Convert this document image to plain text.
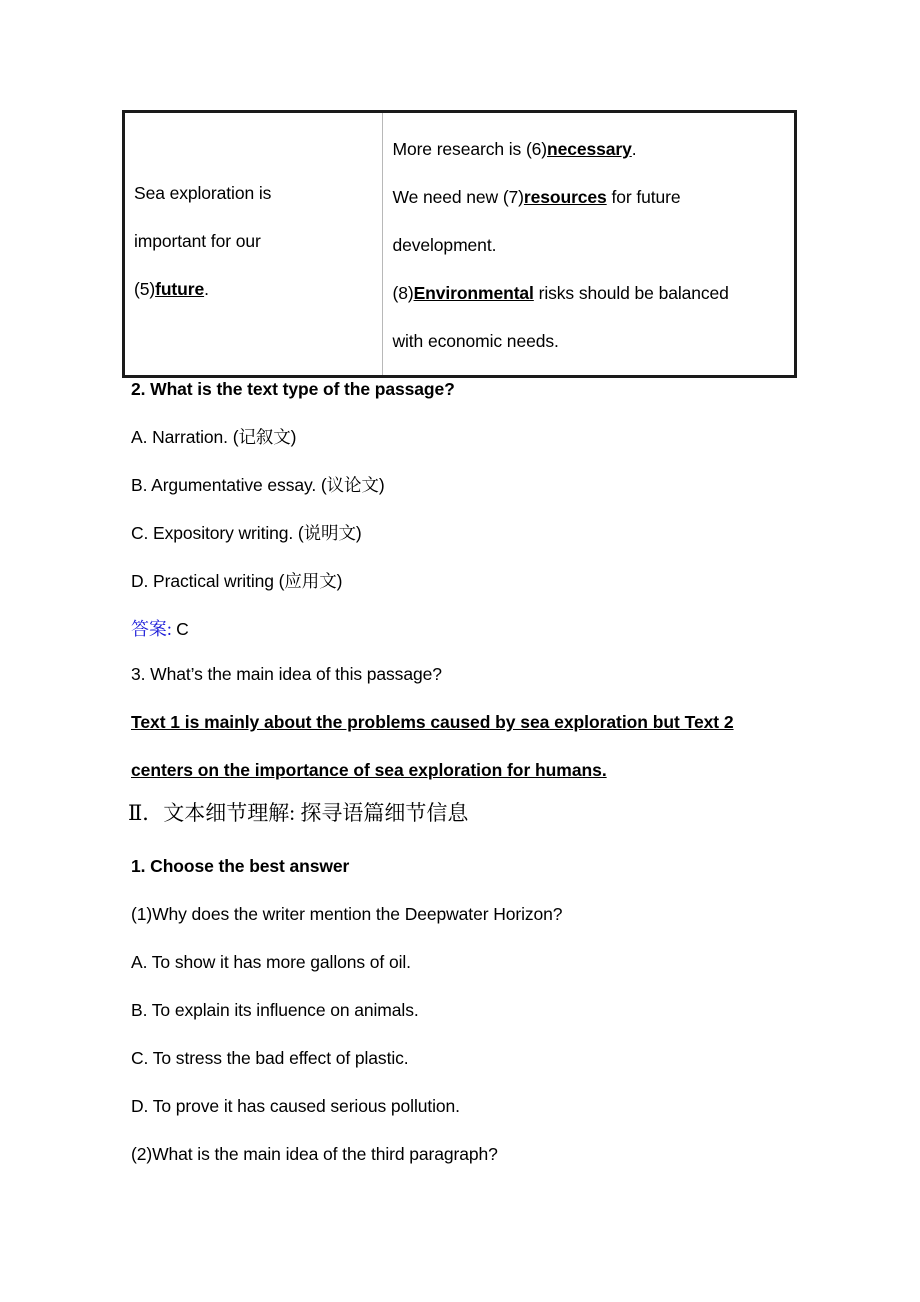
Sea exploration is
important for our
(5)future.

More research is (6)necessary.
We need new (7)resources for future
development.
(8)Environmental risks should be balanced
with economic needs.
2. What is the text type of the passage?
A. Narration. (记叙文)
B. Argumentative essay. (议论文)
C. Expository writing. (说明文)
D. Practical writing (应用文)
答案: C
3. What’s the main idea of this passage?
Text 1 is mainly about the problems caused by sea exploration but Text 2
centers on the importance of sea exploration for humans.
Ⅱ．文本细节理解: 探寻语篇细节信息
1. Choose the best answer
(1)Why does the writer mention the Deepwater Horizon?
A. To show it has more gallons of oil.
B. To explain its influence on animals.
C. To stress the bad effect of plastic.
D. To prove it has caused serious pollution.
(2)What is the main idea of the third paragraph?
